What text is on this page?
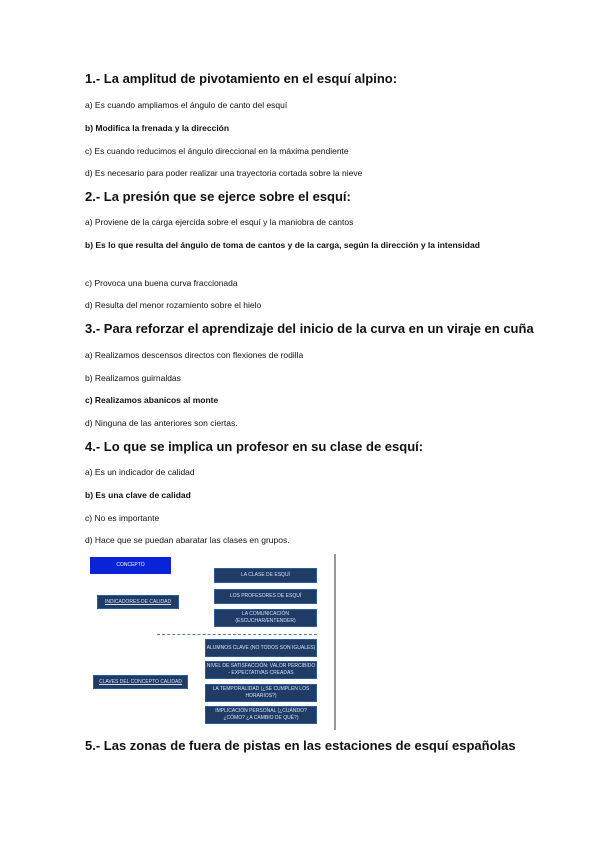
1.- La amplitud de pivotamiento en el esquí alpino:
a) Es cuando ampliamos el ángulo de canto del esquí
b) Modifica la frenada y la dirección
c) Es cuando reducimos el ángulo direccional en la máxima pendiente
d) Es necesario para poder realizar una trayectoria cortada sobre la nieve
2.- La presión que se ejerce sobre el esquí:
a) Proviene de la carga ejercida sobre el esquí y la maniobra de cantos
b) Es lo que resulta del ángulo de toma de cantos y de la carga, según la dirección y la intensidad
c) Provoca una buena curva fraccionada
d) Resulta del menor rozamiento sobre el hielo
3.- Para reforzar el aprendizaje del inicio de la curva en un viraje en cuña
a) Realizamos descensos directos con flexiones de rodilla
b) Realizamos guirnaldas
c) Realizamos abanicos al monte
d) Ninguna de las anteriores son ciertas.
4.- Lo que se implica un profesor en su clase de esquí:
a) Es un indicador de calidad
b) Es una clave de calidad
c) No es importante
d) Hace que se puedan abaratar las clases en grupos.
CONCEPTO
INDICADORES DE CALIDAD
LA CLASE DE ESQUÍ
LOS PROFESORES DE ESQUÍ
LA COMUNICACIÓN (ESCUCHAR/ENTENDER)
CLAVES DEL CONCEPTO CALIDAD
ALUMNOS CLAVE (NO TODOS SON IGUALES)
NIVEL DE SATISFACCIÓN: VALOR PERCIBIDO - EXPECTATIVAS CREADAS
LA TEMPORALIDAD (¿SE CUMPLEN LOS HORARIOS?)
IMPLICACIÓN PERSONAL (¿CUÁNDO? ¿CÓMO? ¿A CAMBIO DE QUÉ?)
5.- Las zonas de fuera de pistas en las estaciones de esquí españolas
